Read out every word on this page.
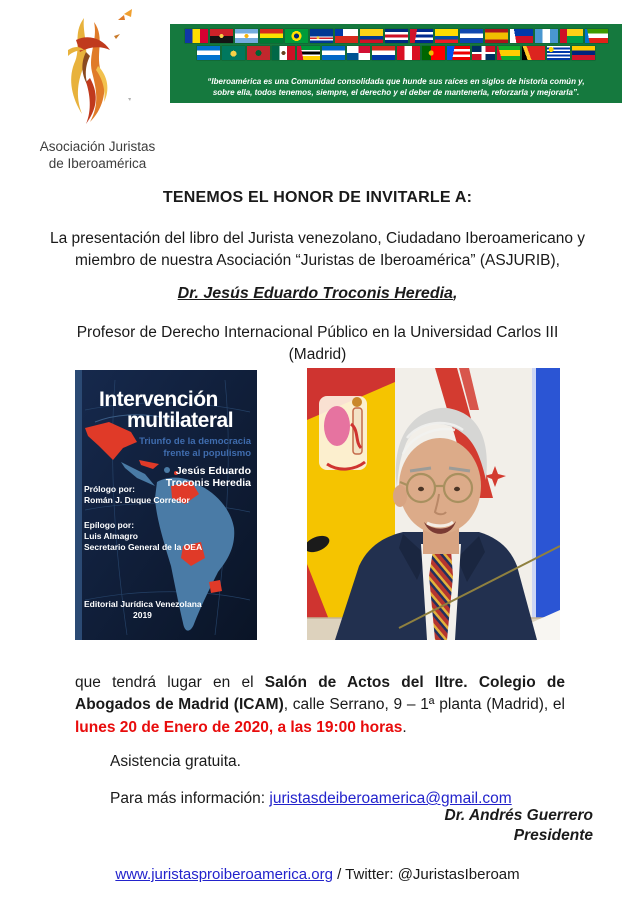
Asociación Juristas
de Iberoamérica
“Iberoamérica es una Comunidad consolidada que hunde sus raíces en siglos de historia común y,
sobre ella, todos tenemos, siempre, el derecho y el deber de mantenerla, reforzarla y mejorarla”.
TENEMOS EL HONOR DE INVITARLE A:
La presentación del libro del Jurista venezolano, Ciudadano Iberoamericano y
miembro de nuestra Asociación “Juristas de Iberoamérica” (ASJURIB),
Dr. Jesús Eduardo Troconis Heredia,
Profesor de Derecho Internacional Público en la Universidad Carlos III
(Madrid)
Intervención
multilateral
Triunfo de la democracia
frente al populismo
Jesús Eduardo
Troconis Heredia
Prólogo por:
Román J. Duque Corredor
Epílogo por:
Luis Almagro
Secretario General de la OEA
Editorial Jurídica Venezolana
2019

que tendrá lugar en el Salón de Actos del Iltre. Colegio de Abogados de Madrid (ICAM), calle Serrano, 9 – 1ª planta (Madrid), el lunes 20 de Enero de 2020, a las 19:00 horas.

Asistencia gratuita.
Para más información: juristasdeiberoamerica@gmail.com
Dr. Andrés Guerrero
Presidente
www.juristasproiberoamerica.org / Twitter: @JuristasIberoam
